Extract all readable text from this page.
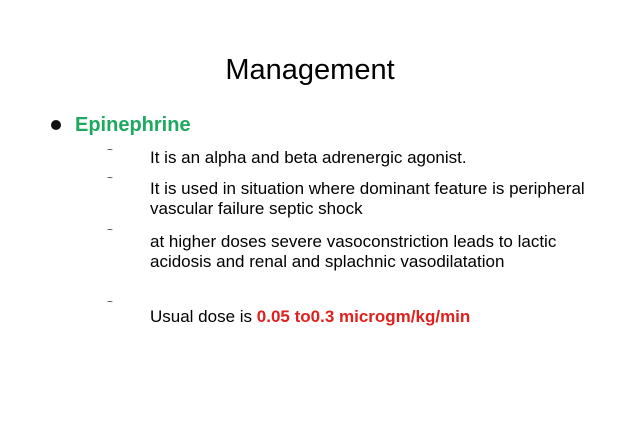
Management
Epinephrine
~ It is an alpha and beta adrenergic agonist.
~
It is used in situation where dominant feature is peripheral vascular failure septic shock
~
at higher doses severe vasoconstriction leads to lactic acidosis and renal and splachnic vasodilatation
~
Usual dose is 0.05 to0.3 microgm/kg/min
